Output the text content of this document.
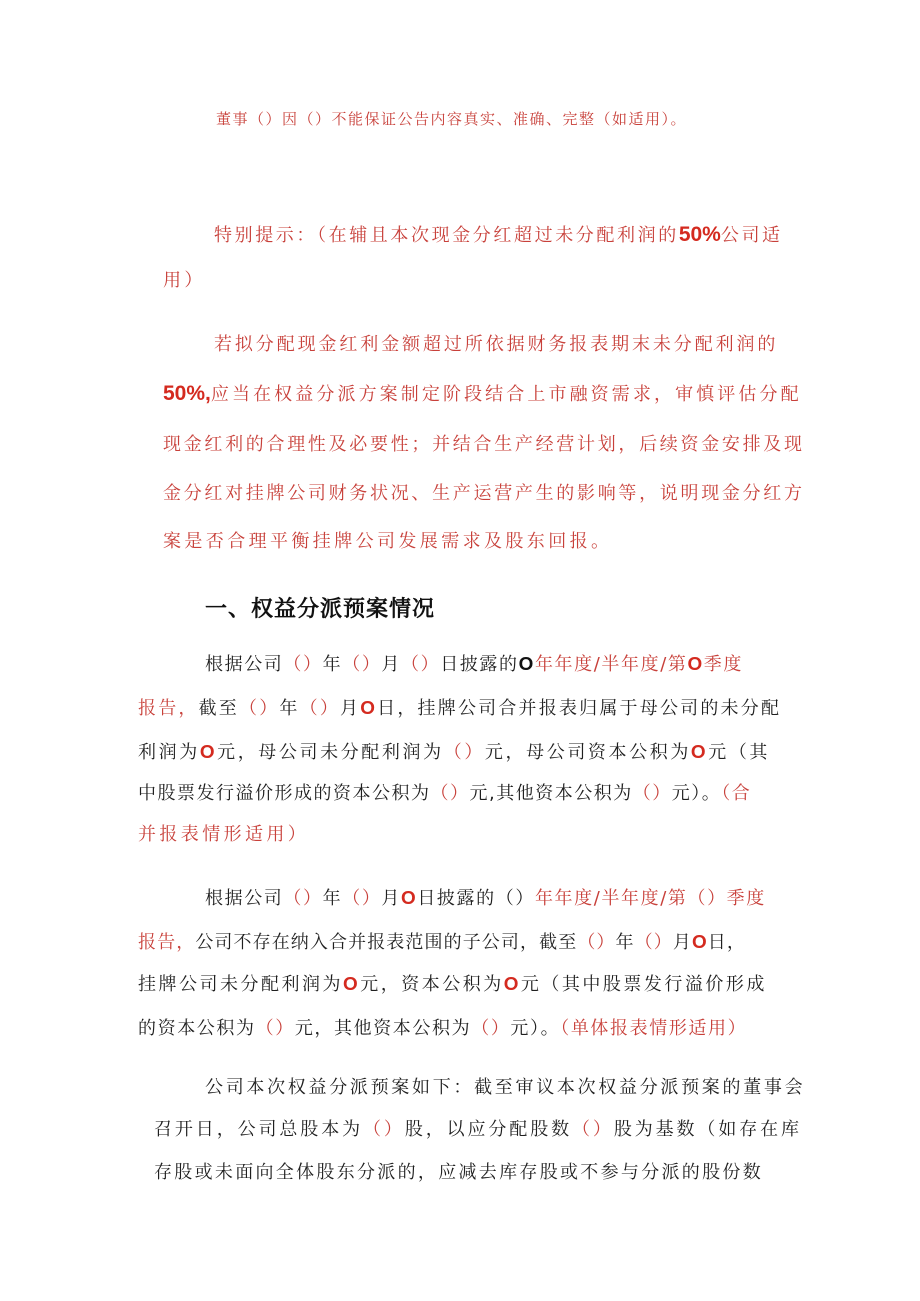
董事（）因（）不能保证公告内容真实、准确、完整（如适用）。
特别提示：（在辅且本次现金分红超过未分配利润的50%公司适
用）
若拟分配现金红利金额超过所依据财务报表期末未分配利润的
50%,应当在权益分派方案制定阶段结合上市融资需求，审慎评估分配
现金红利的合理性及必要性；并结合生产经营计划，后续资金安排及现
金分红对挂牌公司财务状况、生产运营产生的影响等，说明现金分红方
案是否合理平衡挂牌公司发展需求及股东回报。
一、权益分派预案情况
根据公司（）年（）月（）日披露的O年年度/半年度/第O季度
报告，截至（）年（）月O日，挂牌公司合并报表归属于母公司的未分配
利润为O元，母公司未分配利润为（）元，母公司资本公积为O元（其
中股票发行溢价形成的资本公积为（）元,其他资本公积为（）元）。（合
并报表情形适用）
根据公司（）年（）月O日披露的（）年年度/半年度/第（）季度
报告，公司不存在纳入合并报表范围的子公司，截至（）年（）月O日，
挂牌公司未分配利润为O元，资本公积为O元（其中股票发行溢价形成
的资本公积为（）元，其他资本公积为（）元）。（单体报表情形适用）
公司本次权益分派预案如下：截至审议本次权益分派预案的董事会
召开日，公司总股本为（）股，以应分配股数（）股为基数（如存在库
存股或未面向全体股东分派的，应减去库存股或不参与分派的股份数
